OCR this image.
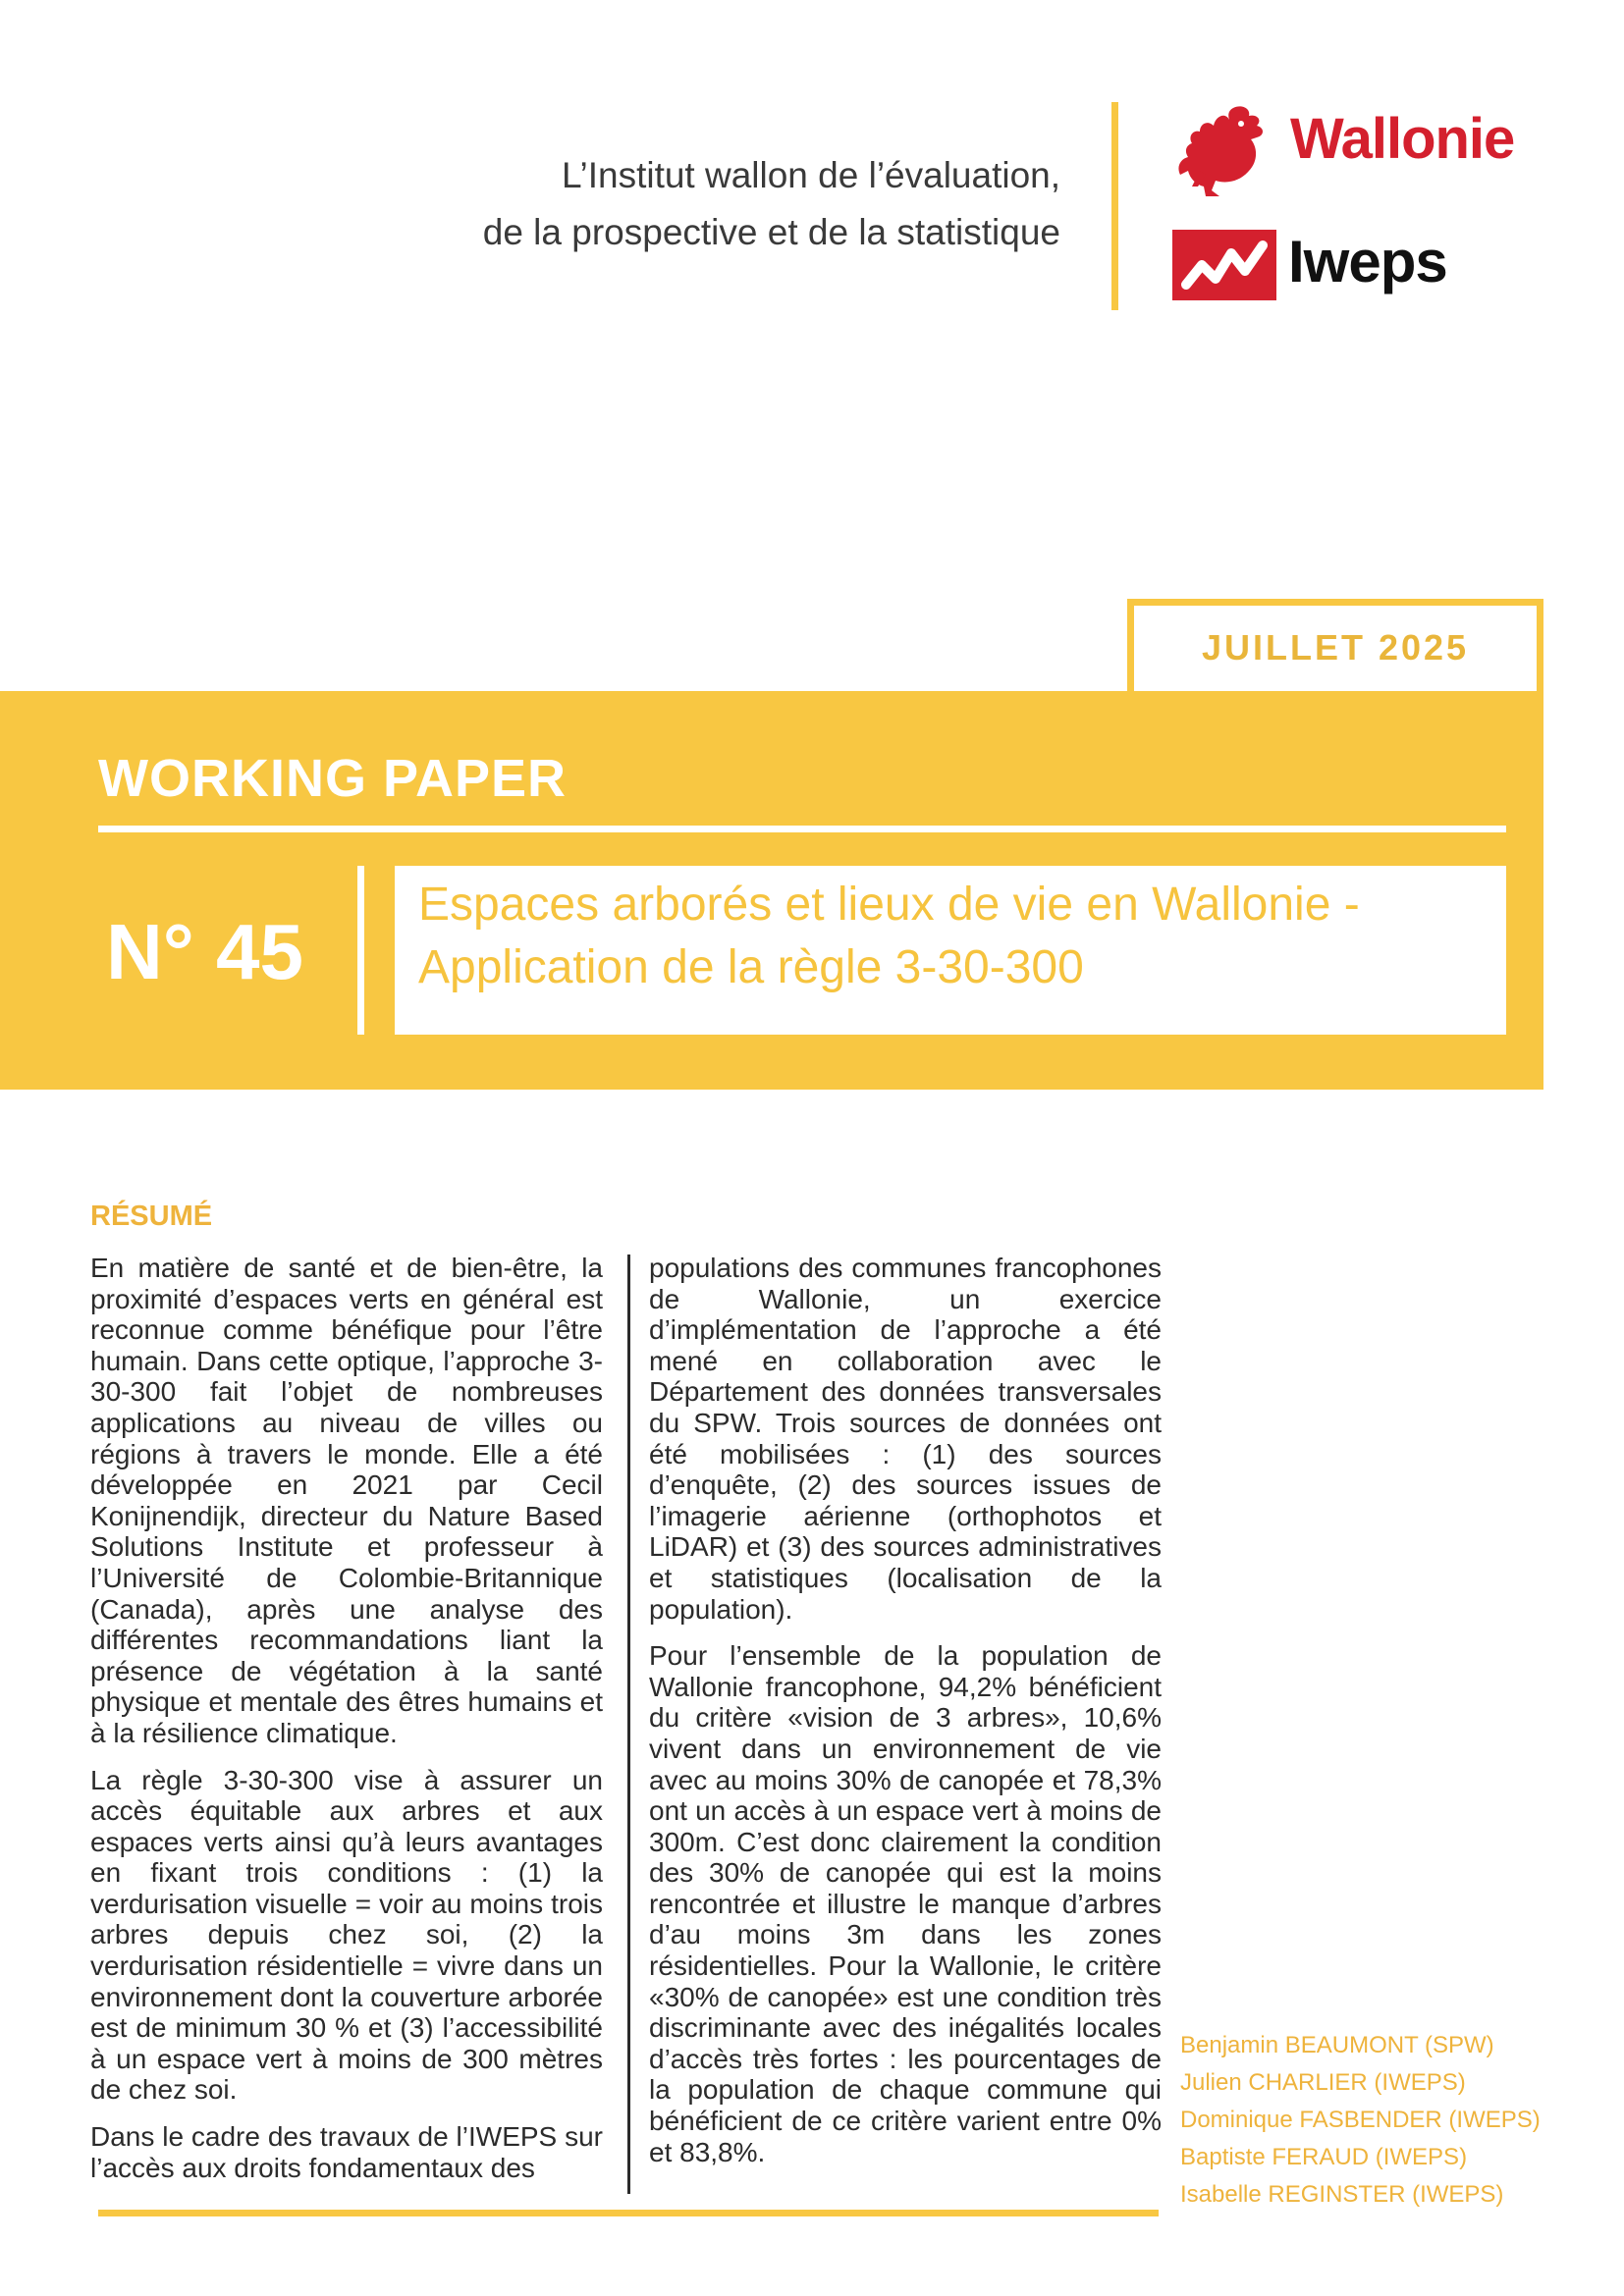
L’Institut wallon de l’évaluation,
de la prospective et de la statistique
Wallonie
Iweps
JUILLET 2025
WORKING PAPER
N° 45
Espaces arborés et lieux de vie en Wallonie -
Application de la règle 3-30-300
RÉSUMÉ

En matière de santé et de bien-être, la proximité d’espaces verts en général est reconnue comme bénéfique pour l’être humain. Dans cette optique, l’approche 3-30-300 fait l’objet de nombreuses applications au niveau de villes ou régions à travers le monde. Elle a été développée en 2021 par Cecil Konijnendijk, directeur du Nature Based Solutions Institute et professeur à l’Université de Colombie-Britannique (Canada), après une analyse des différentes recommandations liant la présence de végétation à la santé physique et mentale des êtres humains et à la résilience climatique.

La règle 3-30-300 vise à assurer un accès équitable aux arbres et aux espaces verts ainsi qu’à leurs avantages en fixant trois conditions : (1) la verdurisation visuelle = voir au moins trois arbres depuis chez soi, (2) la verdurisation résidentielle = vivre dans un environnement dont la couverture arborée est de minimum 30 % et (3) l’accessibilité à un espace vert à moins de 300 mètres de chez soi.

Dans le cadre des travaux de l’IWEPS sur l’accès aux droits fondamentaux des

populations des communes francophones de Wallonie, un exercice d’implémentation de l’approche a été mené en collaboration avec le Département des données transversales du SPW. Trois sources de données ont été mobilisées : (1) des sources d’enquête, (2) des sources issues de l’imagerie aérienne (orthophotos et LiDAR) et (3) des sources administratives et statistiques (localisation de la population).

Pour l’ensemble de la population de Wallonie francophone, 94,2% bénéficient du critère «vision de 3 arbres», 10,6% vivent dans un environnement de vie avec au moins 30% de canopée et 78,3% ont un accès à un espace vert à moins de 300m. C’est donc clairement la condition des 30% de canopée qui est la moins rencontrée et illustre le manque d’arbres d’au moins 3m dans les zones résidentielles. Pour la Wallonie, le critère «30% de canopée» est une condition très discriminante avec des inégalités locales d’accès très fortes : les pourcentages de la population de chaque commune qui bénéficient de ce critère varient entre 0% et 83,8%.

Benjamin BEAUMONT (SPW)
Julien CHARLIER (IWEPS)
Dominique FASBENDER (IWEPS)
Baptiste FERAUD (IWEPS)
Isabelle REGINSTER (IWEPS)
